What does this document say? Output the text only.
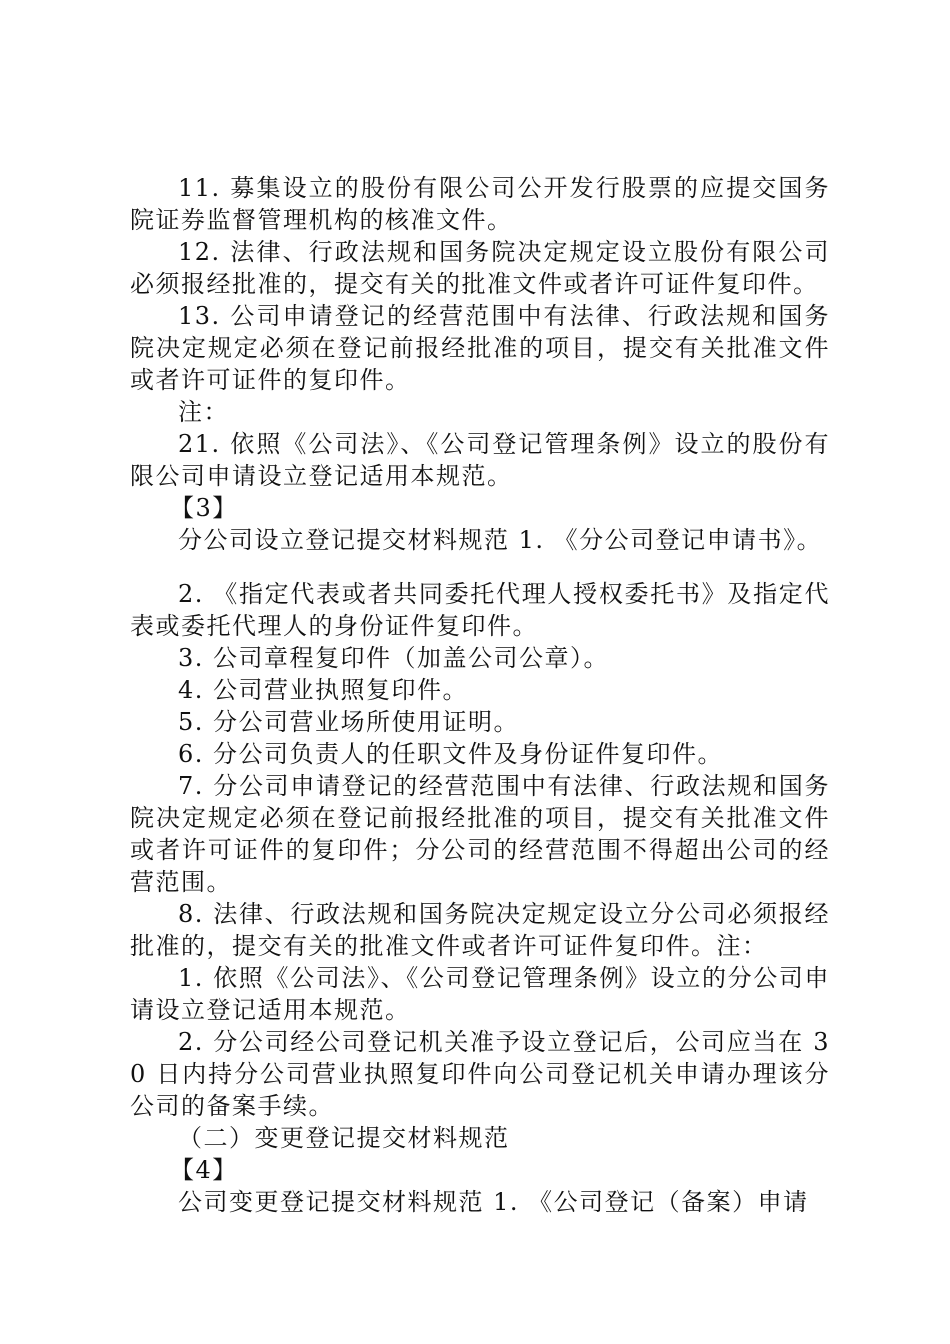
11. 募集设立的股份有限公司公开发行股票的应提交国务院证券监督管理机构的核准文件。

12. 法律、行政法规和国务院决定规定设立股份有限公司必须报经批准的，提交有关的批准文件或者许可证件复印件。

13. 公司申请登记的经营范围中有法律、行政法规和国务院决定规定必须在登记前报经批准的项目，提交有关批准文件或者许可证件的复印件。

注：

21. 依照《公司法》、《公司登记管理条例》设立的股份有限公司申请设立登记适用本规范。

【3】

分公司设立登记提交材料规范 1. 《分公司登记申请书》。

2. 《指定代表或者共同委托代理人授权委托书》及指定代表或委托代理人的身份证件复印件。

3. 公司章程复印件（加盖公司公章）。

4. 公司营业执照复印件。

5. 分公司营业场所使用证明。

6. 分公司负责人的任职文件及身份证件复印件。

7. 分公司申请登记的经营范围中有法律、行政法规和国务院决定规定必须在登记前报经批准的项目，提交有关批准文件或者许可证件的复印件；分公司的经营范围不得超出公司的经营范围。

8. 法律、行政法规和国务院决定规定设立分公司必须报经批准的，提交有关的批准文件或者许可证件复印件。注：

1. 依照《公司法》、《公司登记管理条例》设立的分公司申请设立登记适用本规范。

2. 分公司经公司登记机关准予设立登记后，公司应当在 30 日内持分公司营业执照复印件向公司登记机关申请办理该分公司的备案手续。

（二）变更登记提交材料规范

【4】

公司变更登记提交材料规范 1. 《公司登记（备案）申请
